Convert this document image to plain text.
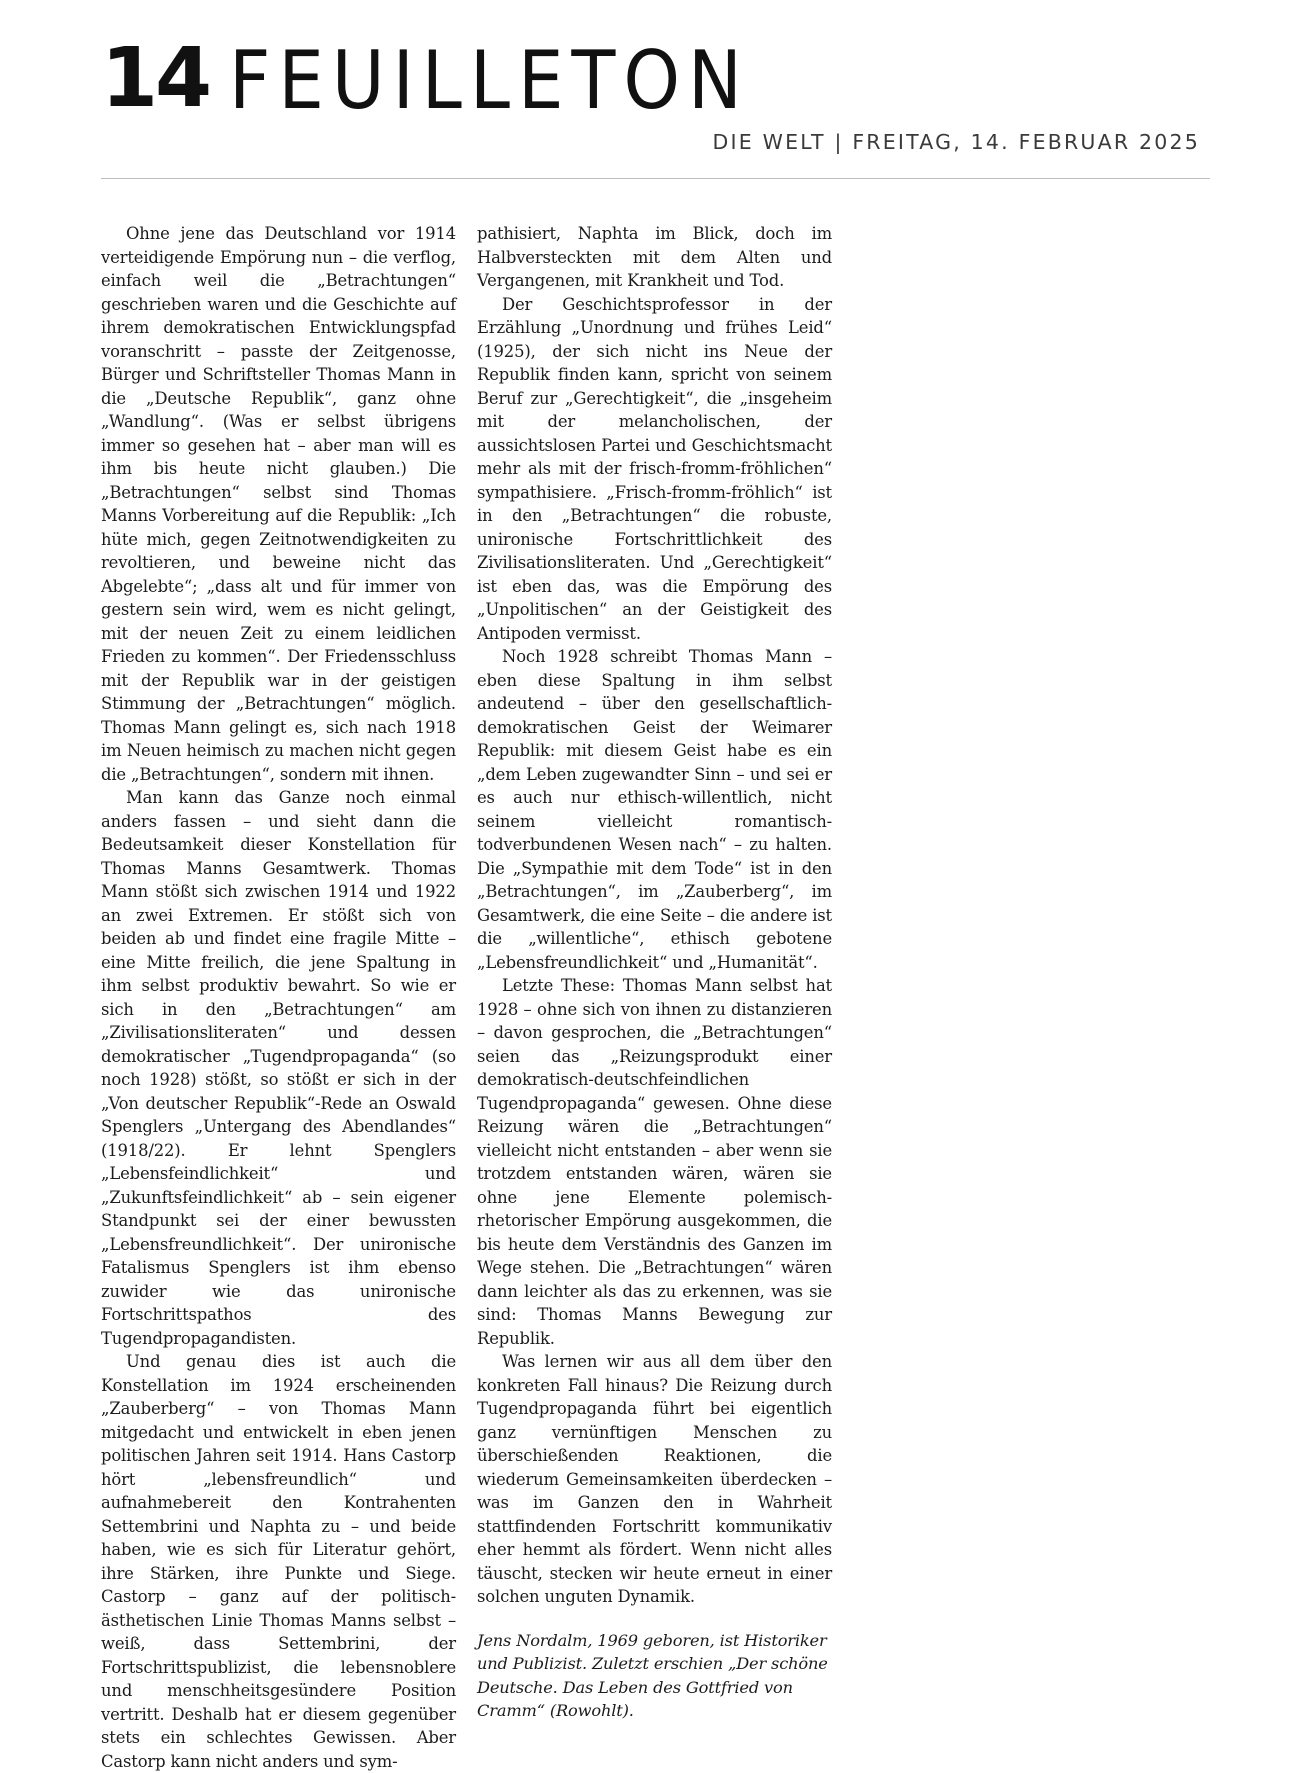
14 FEUILLETON
DIE WELT | FREITAG, 14. FEBRUAR 2025

Ohne jene das Deutschland vor 1914 verteidigende Empörung nun – die verflog, einfach weil die „Betrachtungen“ geschrieben waren und die Geschichte auf ihrem demokratischen Entwicklungspfad voranschritt – passte der Zeitgenosse, Bürger und Schriftsteller Thomas Mann in die „Deutsche Republik“, ganz ohne „Wandlung“. (Was er selbst übrigens immer so gesehen hat – aber man will es ihm bis heute nicht glauben.) Die „Betrachtungen“ selbst sind Thomas Manns Vorbereitung auf die Republik: „Ich hüte mich, gegen Zeitnotwendigkeiten zu revoltieren, und beweine nicht das Abgelebte“; „dass alt und für immer von gestern sein wird, wem es nicht gelingt, mit der neuen Zeit zu einem leidlichen Frieden zu kommen“. Der Friedensschluss mit der Republik war in der geistigen Stimmung der „Betrachtungen“ möglich. Thomas Mann gelingt es, sich nach 1918 im Neuen heimisch zu machen nicht gegen die „Betrachtungen“, sondern mit ihnen.

Man kann das Ganze noch einmal anders fassen – und sieht dann die Bedeutsamkeit dieser Konstellation für Thomas Manns Gesamtwerk. Thomas Mann stößt sich zwischen 1914 und 1922 an zwei Extremen. Er stößt sich von beiden ab und findet eine fragile Mitte – eine Mitte freilich, die jene Spaltung in ihm selbst produktiv bewahrt. So wie er sich in den „Betrachtungen“ am „Zivilisationsliteraten“ und dessen demokratischer „Tugendpropaganda“ (so noch 1928) stößt, so stößt er sich in der „Von deutscher Republik“-Rede an Oswald Spenglers „Untergang des Abendlandes“ (1918/22). Er lehnt Spenglers „Lebensfeindlichkeit“ und „Zukunftsfeindlichkeit“ ab – sein eigener Standpunkt sei der einer bewussten „Lebensfreundlichkeit“. Der unironische Fatalismus Spenglers ist ihm ebenso zuwider wie das unironische Fortschrittspathos des Tugendpropagandisten.

Und genau dies ist auch die Konstellation im 1924 erscheinenden „Zauberberg“ – von Thomas Mann mitgedacht und entwickelt in eben jenen politischen Jahren seit 1914. Hans Castorp hört „lebensfreundlich“ und aufnahmebereit den Kontrahenten Settembrini und Naphta zu – und beide haben, wie es sich für Literatur gehört, ihre Stärken, ihre Punkte und Siege. Castorp – ganz auf der politisch-ästhetischen Linie Thomas Manns selbst – weiß, dass Settembrini, der Fortschrittspublizist, die lebensnoblere und menschheitsgesündere Position vertritt. Deshalb hat er diesem gegenüber stets ein schlechtes Gewissen. Aber Castorp kann nicht anders und sym-

pathisiert, Naphta im Blick, doch im Halbversteckten mit dem Alten und Vergangenen, mit Krankheit und Tod.

Der Geschichtsprofessor in der Erzählung „Unordnung und frühes Leid“ (1925), der sich nicht ins Neue der Republik finden kann, spricht von seinem Beruf zur „Gerechtigkeit“, die „insgeheim mit der melancholischen, der aussichtslosen Partei und Geschichtsmacht mehr als mit der frisch-fromm-fröhlichen“ sympathisiere. „Frisch-fromm-fröhlich“ ist in den „Betrachtungen“ die robuste, unironische Fortschrittlichkeit des Zivilisationsliteraten. Und „Gerechtigkeit“ ist eben das, was die Empörung des „Unpolitischen“ an der Geistigkeit des Antipoden vermisst.

Noch 1928 schreibt Thomas Mann – eben diese Spaltung in ihm selbst andeutend – über den gesellschaftlich-demokratischen Geist der Weimarer Republik: mit diesem Geist habe es ein „dem Leben zugewandter Sinn – und sei er es auch nur ethisch-willentlich, nicht seinem vielleicht romantisch-todverbundenen Wesen nach“ – zu halten. Die „Sympathie mit dem Tode“ ist in den „Betrachtungen“, im „Zauberberg“, im Gesamtwerk, die eine Seite – die andere ist die „willentliche“, ethisch gebotene „Lebensfreundlichkeit“ und „Humanität“.

Letzte These: Thomas Mann selbst hat 1928 – ohne sich von ihnen zu distanzieren – davon gesprochen, die „Betrachtungen“ seien das „Reizungsprodukt einer demokratisch-deutschfeindlichen Tugendpropaganda“ gewesen. Ohne diese Reizung wären die „Betrachtungen“ vielleicht nicht entstanden – aber wenn sie trotzdem entstanden wären, wären sie ohne jene Elemente polemisch-rhetorischer Empörung ausgekommen, die bis heute dem Verständnis des Ganzen im Wege stehen. Die „Betrachtungen“ wären dann leichter als das zu erkennen, was sie sind: Thomas Manns Bewegung zur Republik.

Was lernen wir aus all dem über den konkreten Fall hinaus? Die Reizung durch Tugendpropaganda führt bei eigentlich ganz vernünftigen Menschen zu überschießenden Reaktionen, die wiederum Gemeinsamkeiten überdecken – was im Ganzen den in Wahrheit stattfindenden Fortschritt kommunikativ eher hemmt als fördert. Wenn nicht alles täuscht, stecken wir heute erneut in einer solchen unguten Dynamik.

Jens Nordalm, 1969 geboren, ist Historiker und Publizist. Zuletzt erschien „Der schöne Deutsche. Das Leben des Gottfried von Cramm“ (Rowohlt).
